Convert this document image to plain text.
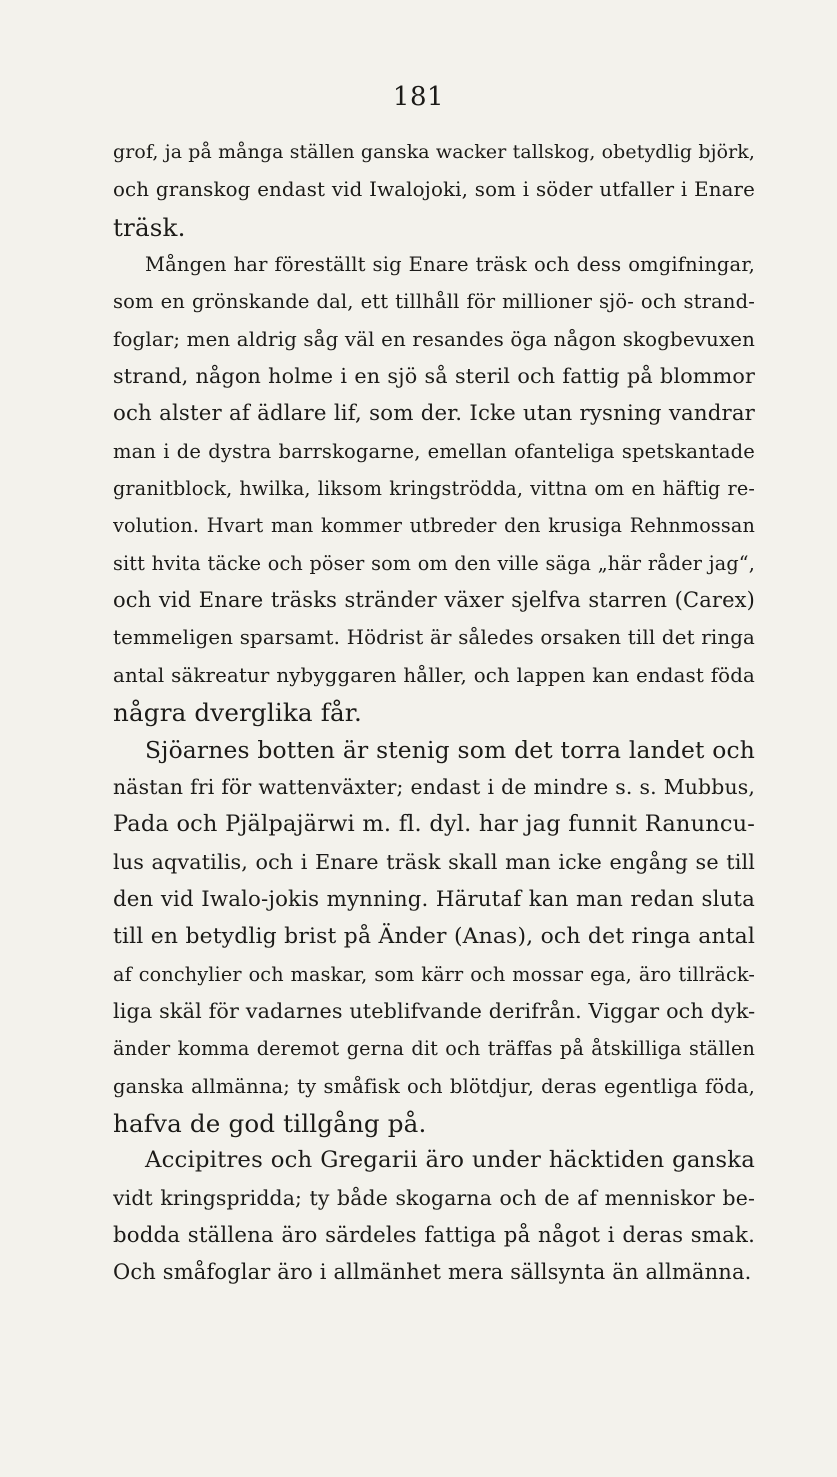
181
grof, ja på många ställen ganska wacker tallskog, obetydlig björk,
och granskog endast vid Iwalojoki, som i söder utfaller i Enare
träsk.
Mången har föreställt sig Enare träsk och dess omgifningar,
som en grönskande dal, ett tillhåll för millioner sjö- och strand-
foglar; men aldrig såg väl en resandes öga någon skogbevuxen
strand, någon holme i en sjö så steril och fattig på blommor
och alster af ädlare lif, som der. Icke utan rysning vandrar
man i de dystra barrskogarne, emellan ofanteliga spetskantade
granitblock, hwilka, liksom kringströdda, vittna om en häftig re-
volution. Hvart man kommer utbreder den krusiga Rehnmossan
sitt hvita täcke och pöser som om den ville säga „här råder jag“,
och vid Enare träsks stränder växer sjelfva starren (Carex)
temmeligen sparsamt. Hödrist är således orsaken till det ringa
antal säkreatur nybyggaren håller, och lappen kan endast föda
några dverglika får.
Sjöarnes botten är stenig som det torra landet och
nästan fri för wattenväxter; endast i de mindre s. s. Mubbus,
Pada och Pjälpajärwi m. fl. dyl. har jag funnit Ranuncu-
lus aqvatilis, och i Enare träsk skall man icke engång se till
den vid Iwalo-jokis mynning. Härutaf kan man redan sluta
till en betydlig brist på Änder (Anas), och det ringa antal
af conchylier och maskar, som kärr och mossar ega, äro tillräck-
liga skäl för vadarnes uteblifvande derifrån. Viggar och dyk-
änder komma deremot gerna dit och träffas på åtskilliga ställen
ganska allmänna; ty småfisk och blötdjur, deras egentliga föda,
hafva de god tillgång på.
Accipitres och Gregarii äro under häcktiden ganska
vidt kringspridda; ty både skogarna och de af menniskor be-
bodda ställena äro särdeles fattiga på något i deras smak.
Och småfoglar äro i allmänhet mera sällsynta än allmänna.
